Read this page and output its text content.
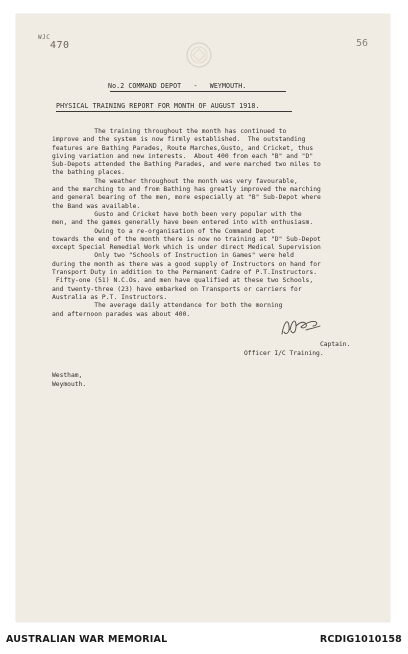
WJC
470	56
No.2 COMMAND DEPOT   -   WEYMOUTH.
PHYSICAL TRAINING REPORT FOR MONTH OF AUGUST 1918.
The training throughout the month has continued to
improve and the system is now firmly established.  The outstanding
features are Bathing Parades, Route Marches,Gusto, and Cricket, thus
giving variation and new interests.  About 400 from each "B" and "D"
Sub-Depots attended the Bathing Parades, and were marched two miles to
the bathing places.
The weather throughout the month was very favourable,
and the marching to and from Bathing has greatly improved the marching
and general bearing of the men, more especially at "B" Sub-Depot where
the Band was available.
Gusto and Cricket have both been very popular with the
men, and the games generally have been entered into with enthusiasm.
Owing to a re-organisation of the Command Depot
towards the end of the month there is now no training at "D" Sub-Depot
except Special Remedial Work which is under direct Medical Supervision
Only two "Schools of Instruction in Games" were held
during the month as there was a good supply of Instructors on hand for
Transport Duty in addition to the Permanent Cadre of P.T.Instructors.
Fifty-one (51) N.C.Os. and men have qualified at these two Schools,
and twenty-three (23) have embarked on Transports or carriers for
Australia as P.T. Instructors.
The average daily attendance for both the morning
and afternoon parades was about 400.
Captain.
Officer I/C Training.
Westham,
Weymouth.
AUSTRALIAN WAR MEMORIAL	RCDIG1010158
